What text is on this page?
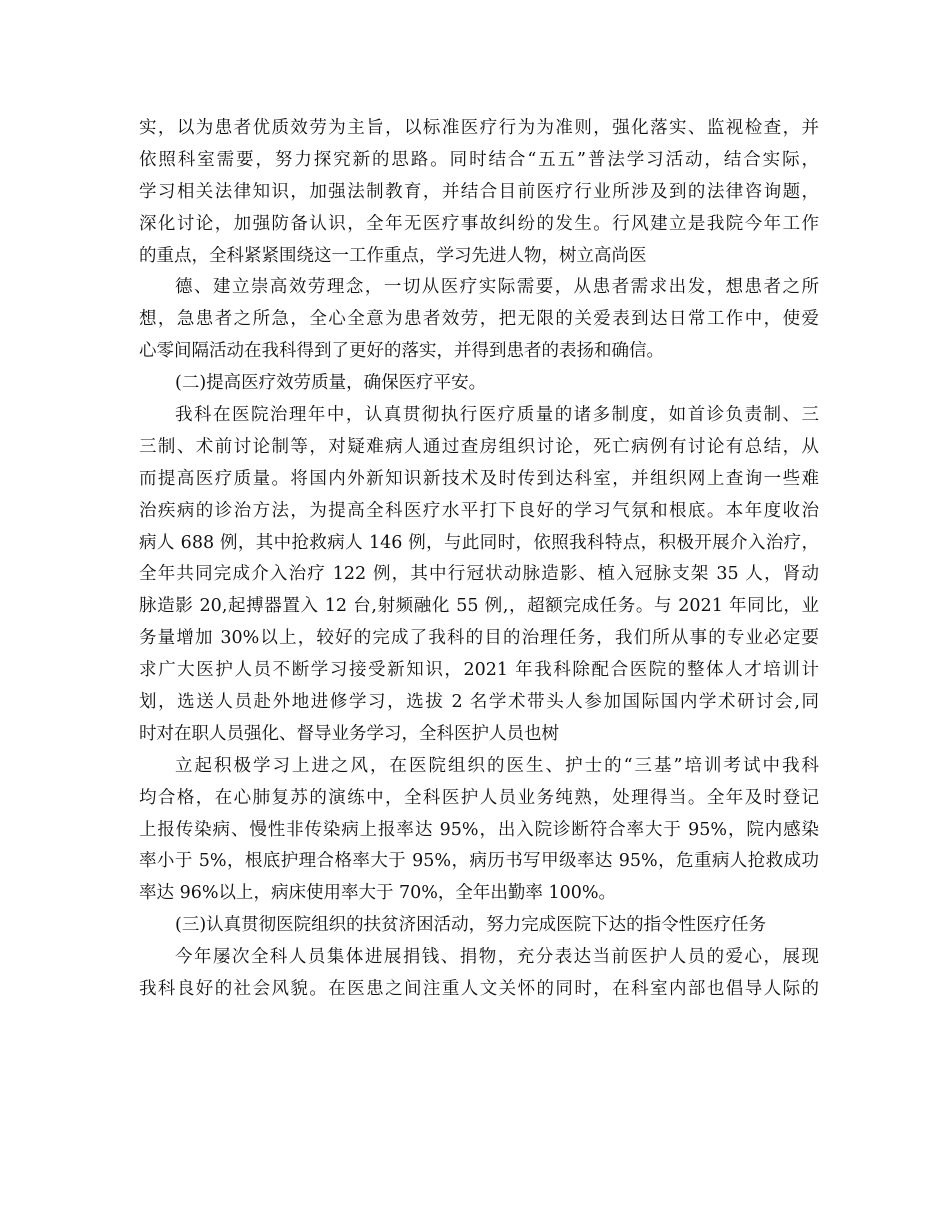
实，以为患者优质效劳为主旨，以标准医疗行为为准则，强化落实、监视检查，并
依照科室需要，努力探究新的思路。同时结合“五五”普法学习活动，结合实际，
学习相关法律知识，加强法制教育，并结合目前医疗行业所涉及到的法律咨询题，
深化讨论，加强防备认识，全年无医疗事故纠纷的发生。行风建立是我院今年工作
的重点，全科紧紧围绕这一工作重点，学习先进人物，树立高尚医
德、建立崇高效劳理念，一切从医疗实际需要，从患者需求出发，想患者之所
想，急患者之所急，全心全意为患者效劳，把无限的关爱表到达日常工作中，使爱
心零间隔活动在我科得到了更好的落实，并得到患者的表扬和确信。
(二)提高医疗效劳质量，确保医疗平安。
我科在医院治理年中，认真贯彻执行医疗质量的诸多制度，如首诊负责制、三
三制、术前讨论制等，对疑难病人通过查房组织讨论，死亡病例有讨论有总结，从
而提高医疗质量。将国内外新知识新技术及时传到达科室，并组织网上查询一些难
治疾病的诊治方法，为提高全科医疗水平打下良好的学习气氛和根底。本年度收治
病人 688 例，其中抢救病人 146 例，与此同时，依照我科特点，积极开展介入治疗，
全年共同完成介入治疗 122 例，其中行冠状动脉造影、植入冠脉支架 35 人，肾动
脉造影 20,起搏器置入 12 台,射频融化 55 例,，超额完成任务。与 2021 年同比，业
务量增加 30%以上，较好的完成了我科的目的治理任务，我们所从事的专业必定要
求广大医护人员不断学习接受新知识，2021 年我科除配合医院的整体人才培训计
划，选送人员赴外地进修学习，选拔 2 名学术带头人参加国际国内学术研讨会,同
时对在职人员强化、督导业务学习，全科医护人员也树
立起积极学习上进之风，在医院组织的医生、护士的“三基”培训考试中我科
均合格，在心肺复苏的演练中，全科医护人员业务纯熟，处理得当。全年及时登记
上报传染病、慢性非传染病上报率达 95%，出入院诊断符合率大于 95%，院内感染
率小于 5%，根底护理合格率大于 95%，病历书写甲级率达 95%，危重病人抢救成功
率达 96%以上，病床使用率大于 70%，全年出勤率 100%。
(三)认真贯彻医院组织的扶贫济困活动，努力完成医院下达的指令性医疗任务
今年屡次全科人员集体进展捐钱、捐物，充分表达当前医护人员的爱心，展现
我科良好的社会风貌。在医患之间注重人文关怀的同时，在科室内部也倡导人际的
